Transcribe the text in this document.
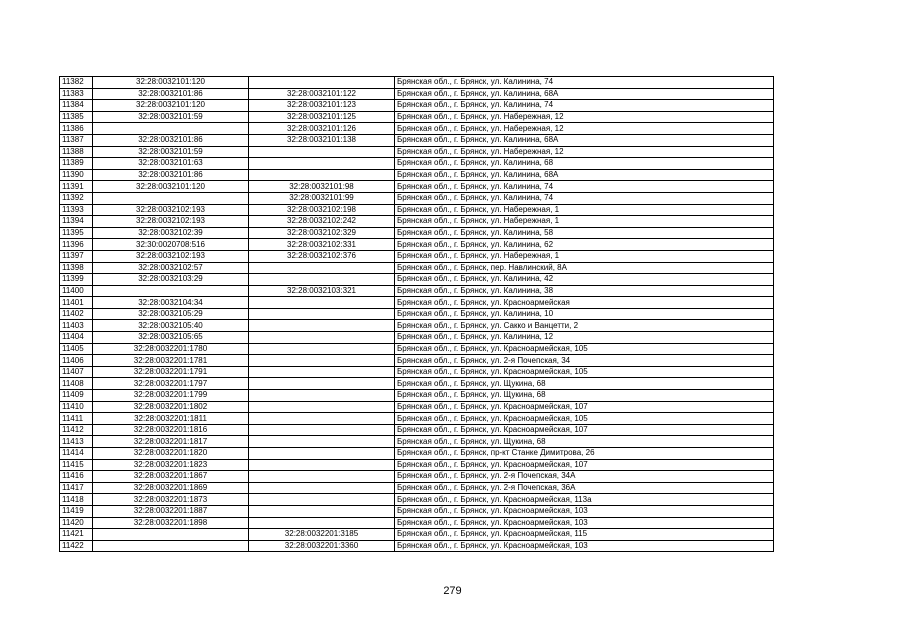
11382	32:28:0032101:120		Брянская обл., г. Брянск, ул. Калинина, 74
11383	32:28:0032101:86	32:28:0032101:122	Брянская обл., г. Брянск, ул. Калинина, 68А
11384	32:28:0032101:120	32:28:0032101:123	Брянская обл., г. Брянск, ул. Калинина, 74
11385	32:28:0032101:59	32:28:0032101:125	Брянская обл., г. Брянск, ул. Набережная, 12
11386		32:28:0032101:126	Брянская обл., г. Брянск, ул. Набережная, 12
11387	32:28:0032101:86	32:28:0032101:138	Брянская обл., г. Брянск, ул. Калинина, 68А
11388	32:28:0032101:59		Брянская обл., г. Брянск, ул. Набережная, 12
11389	32:28:0032101:63		Брянская обл., г. Брянск, ул. Калинина, 68
11390	32:28:0032101:86		Брянская обл., г. Брянск, ул. Калинина, 68А
11391	32:28:0032101:120	32:28:0032101:98	Брянская обл., г. Брянск, ул. Калинина, 74
11392		32:28:0032101:99	Брянская обл., г. Брянск, ул. Калинина, 74
11393	32:28:0032102:193	32:28:0032102:198	Брянская обл., г. Брянск, ул. Набережная, 1
11394	32:28:0032102:193	32:28:0032102:242	Брянская обл., г. Брянск, ул. Набережная, 1
11395	32:28:0032102:39	32:28:0032102:329	Брянская обл., г. Брянск, ул. Калинина, 58
11396	32:30:0020708:516	32:28:0032102:331	Брянская обл., г. Брянск, ул. Калинина, 62
11397	32:28:0032102:193	32:28:0032102:376	Брянская обл., г. Брянск, ул. Набережная, 1
11398	32:28:0032102:57		Брянская обл., г. Брянск, пер. Навлинский, 8А
11399	32:28:0032103:29		Брянская обл., г. Брянск, ул. Калинина, 42
11400		32:28:0032103:321	Брянская обл., г. Брянск, ул. Калинина, 38
11401	32:28:0032104:34		Брянская обл., г. Брянск, ул. Красноармейская
11402	32:28:0032105:29		Брянская обл., г. Брянск, ул. Калинина, 10
11403	32:28:0032105:40		Брянская обл., г. Брянск, ул. Сакко и Ванцетти, 2
11404	32:28:0032105:65		Брянская обл., г. Брянск, ул. Калинина, 12
11405	32:28:0032201:1780		Брянская обл., г. Брянск, ул. Красноармейская, 105
11406	32:28:0032201:1781		Брянская обл., г. Брянск, ул. 2-я Почепская, 34
11407	32:28:0032201:1791		Брянская обл., г. Брянск, ул. Красноармейская, 105
11408	32:28:0032201:1797		Брянская обл., г. Брянск, ул. Щукина, 68
11409	32:28:0032201:1799		Брянская обл., г. Брянск, ул. Щукина, 68
11410	32:28:0032201:1802		Брянская обл., г. Брянск, ул. Красноармейская, 107
11411	32:28:0032201:1811		Брянская обл., г. Брянск, ул. Красноармейская, 105
11412	32:28:0032201:1816		Брянская обл., г. Брянск, ул. Красноармейская, 107
11413	32:28:0032201:1817		Брянская обл., г. Брянск, ул. Щукина, 68
11414	32:28:0032201:1820		Брянская обл., г. Брянск, пр-кт Станке Димитрова, 26
11415	32:28:0032201:1823		Брянская обл., г. Брянск, ул. Красноармейская, 107
11416	32:28:0032201:1867		Брянская обл., г. Брянск, ул. 2-я Почепская, 34А
11417	32:28:0032201:1869		Брянская обл., г. Брянск, ул. 2-я Почепская, 36А
11418	32:28:0032201:1873		Брянская обл., г. Брянск, ул. Красноармейская, 113а
11419	32:28:0032201:1887		Брянская обл., г. Брянск, ул. Красноармейская, 103
11420	32:28:0032201:1898		Брянская обл., г. Брянск, ул. Красноармейская, 103
11421		32:28:0032201:3185	Брянская обл., г. Брянск, ул. Красноармейская, 115
11422		32:28:0032201:3360	Брянская обл., г. Брянск, ул. Красноармейская, 103
279
